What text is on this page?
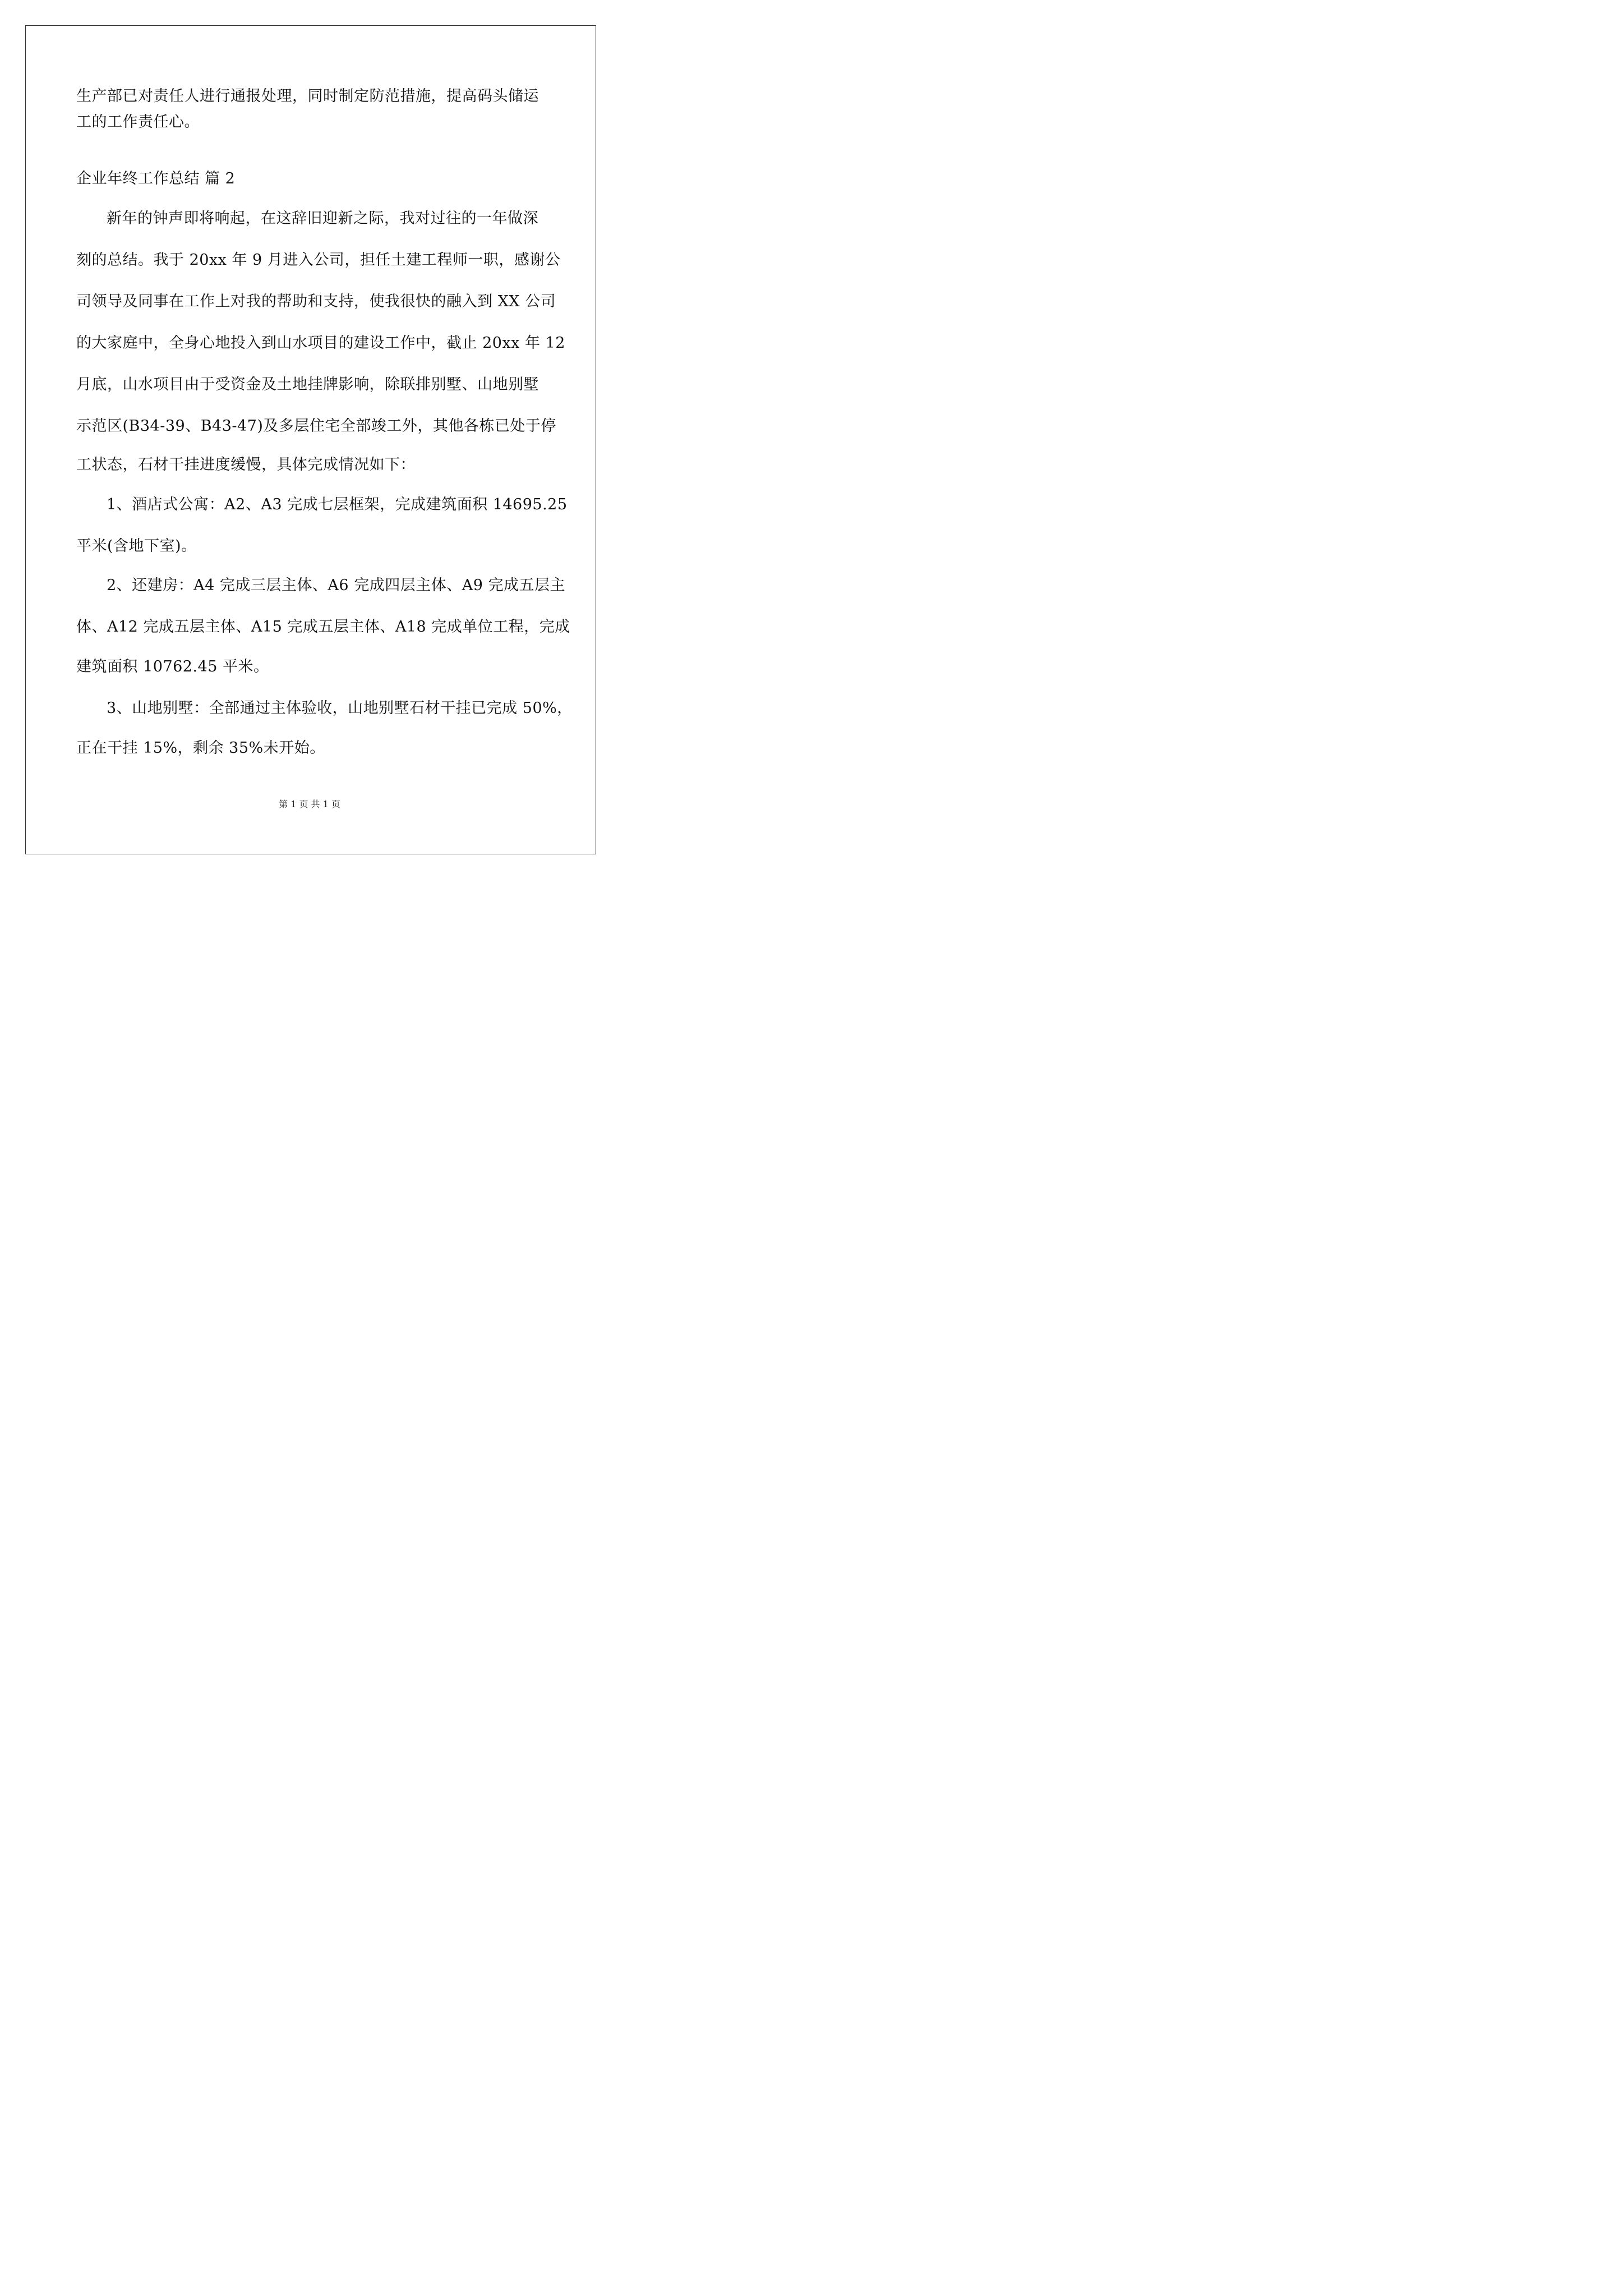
生产部已对责任人进行通报处理，同时制定防范措施，提高码头储运
工的工作责任心。
企业年终工作总结 篇 2
新年的钟声即将响起，在这辞旧迎新之际，我对过往的一年做深
刻的总结。我于 20xx 年 9 月进入公司，担任土建工程师一职，感谢公
司领导及同事在工作上对我的帮助和支持，使我很快的融入到 XX 公司
的大家庭中，全身心地投入到山水项目的建设工作中，截止 20xx 年 12
月底，山水项目由于受资金及土地挂牌影响，除联排别墅、山地别墅
示范区(B34-39、B43-47)及多层住宅全部竣工外，其他各栋已处于停
工状态，石材干挂进度缓慢，具体完成情况如下：
1、酒店式公寓：A2、A3 完成七层框架，完成建筑面积 14695.25
平米(含地下室)。
2、还建房：A4 完成三层主体、A6 完成四层主体、A9 完成五层主
体、A12 完成五层主体、A15 完成五层主体、A18 完成单位工程，完成
建筑面积 10762.45 平米。
3、山地别墅：全部通过主体验收，山地别墅石材干挂已完成 50%，
正在干挂 15%，剩余 35%未开始。
第 1 页 共 1 页
